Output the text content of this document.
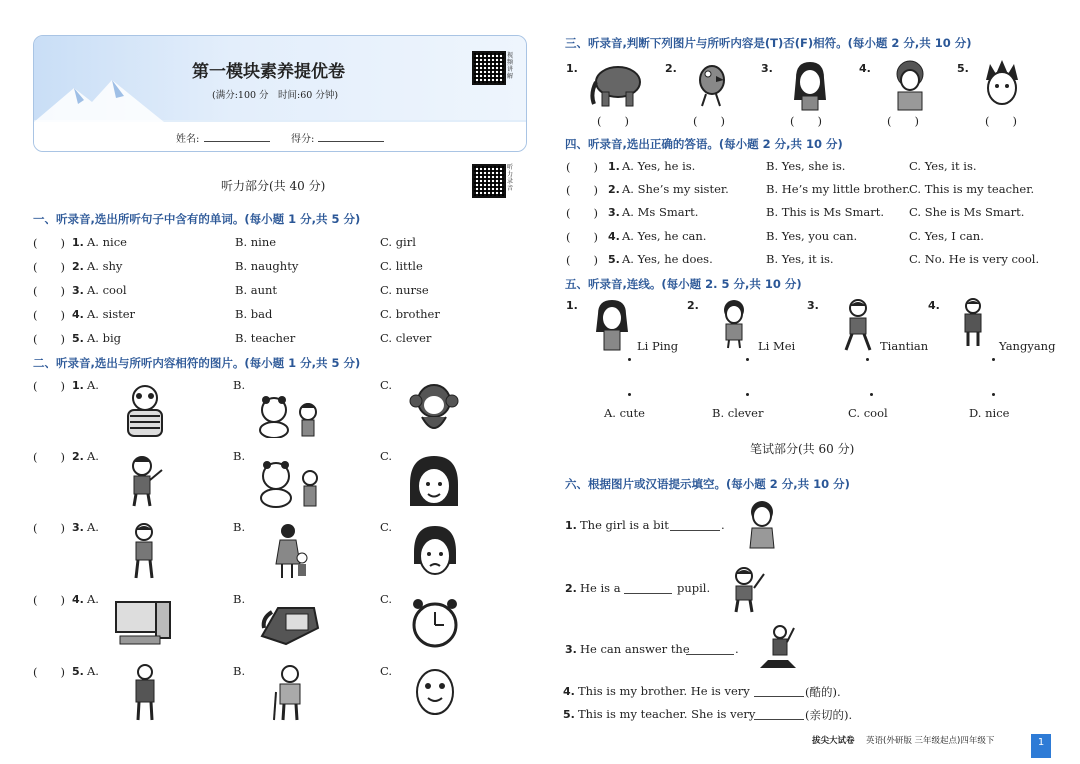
第一模块素养提优卷
(满分:100 分　时间:60 分钟)
视频讲解
姓名:	得分:
听力录音
听力部分(共 40 分)
一、听录音,选出所听句子中含有的单词。(每小题 1 分,共 5 分)
(　　) 1. A. nice	B. nine	C. girl
(　　) 2. A. shy	B. naughty	C. little
(　　) 3. A. cool	B. aunt	C. nurse
(　　) 4. A. sister	B. bad	C. brother
(　　) 5. A. big	B. teacher	C. clever
二、听录音,选出与所听内容相符的图片。(每小题 1 分,共 5 分)
(　　) 1. A.	B.	C.
(　　) 2. A.	B.	C.
(　　) 3. A.	B.	C.
(　　) 4. A.	B.	C.
(　　) 5. A.	B.	C.
三、听录音,判断下列图片与所听内容是(T)否(F)相符。(每小题 2 分,共 10 分)
1.
(　　)
2.
(　　)
3.
(　　)
4.
(　　)
5.
(　　)
四、听录音,选出正确的答语。(每小题 2 分,共 10 分)
(　　) 1. A. Yes, he is.	B. Yes, she is.	C. Yes, it is.
(　　) 2. A. She’s my sister.	B. He’s my little brother.
C. This is my teacher.
(　　) 3. A. Ms Smart.	B. This is Ms Smart. C. She is Ms Smart.
(　　) 4. A. Yes, he can.	B. Yes, you can.	C. Yes, I can.
(　　) 5. A. Yes, he does.	B. Yes, it is.	C. No. He is very cool.
五、听录音,连线。(每小题 2. 5 分,共 10 分)
1.
Li Ping
2.
Li Mei
3.
Tiantian
4.
Yangyang
A. cute	B. clever	C. cool	D. nice
笔试部分(共 60 分)
六、根据图片或汉语提示填空。(每小题 2 分,共 10 分)
1. The girl is a bit	.
2. He is a	pupil.
3. He can answer the	.
4. This is my brother. He is very	(酷的).
5. This is my teacher. She is very	(亲切的).
拔尖大试卷 英语(外研版 三年级起点)四年级下	1
